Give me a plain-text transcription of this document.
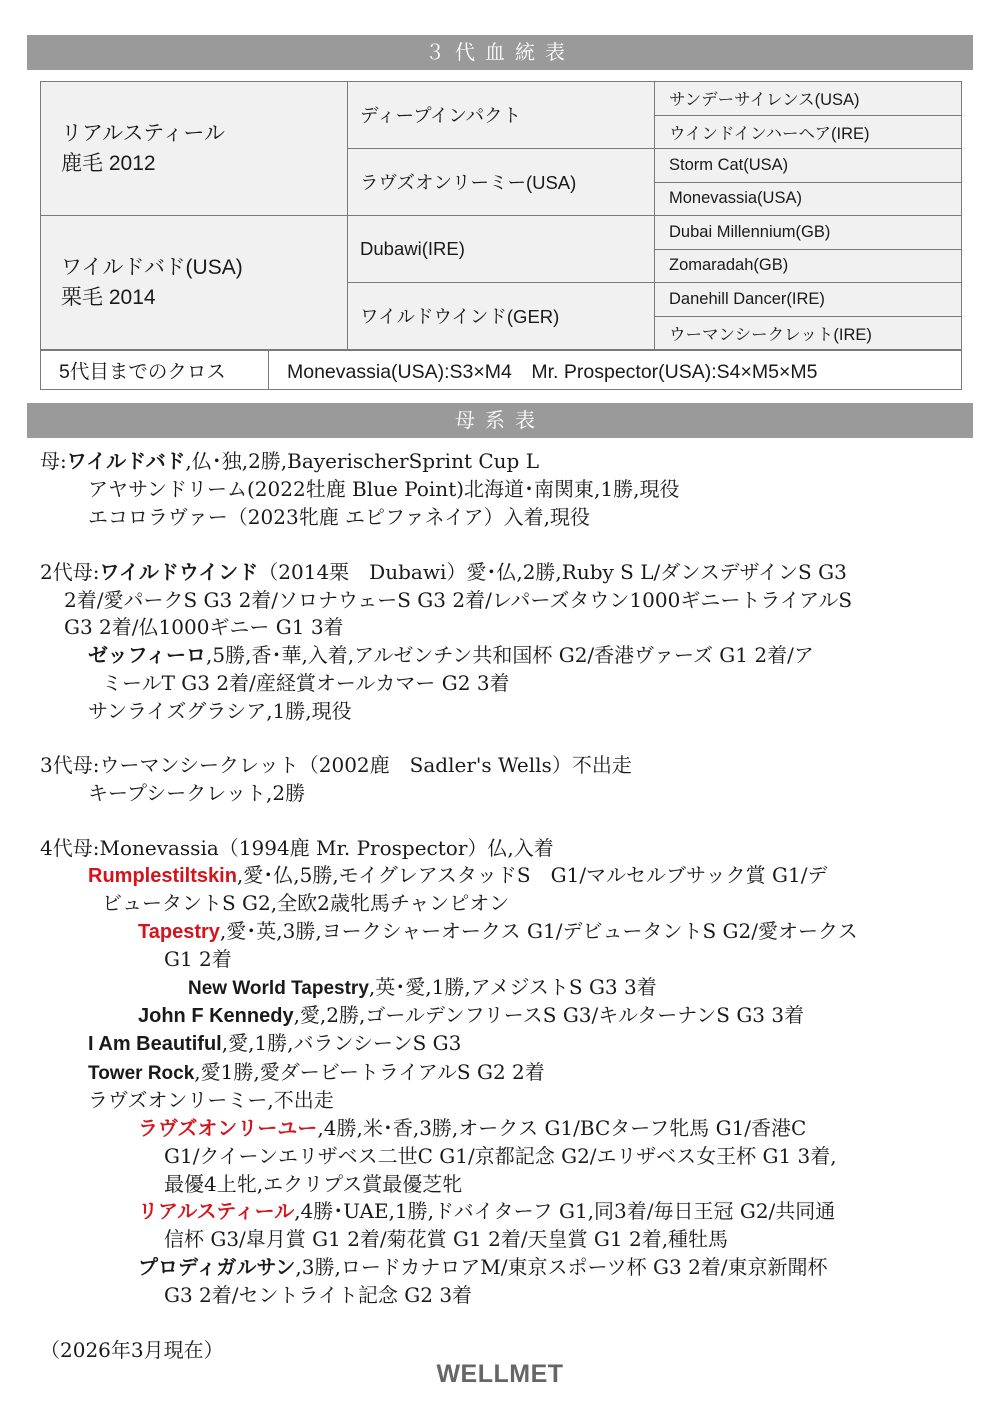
３代血統表
リアルスティール
鹿毛 2012	ディープインパクト	サンデーサイレンス(USA)
		ウインドインハーヘア(IRE)
	ラヴズオンリーミー(USA)	Storm Cat(USA)
		Monevassia(USA)

ワイルドバド(USA)
栗毛 2014	Dubawi(IRE)	Dubai Millennium(GB)
		Zomaradah(GB)
	ワイルドウインド(GER)	Danehill Dancer(IRE)
		ウーマンシークレット(IRE)
5代目までのクロス	Monevassia(USA):S3×M4　Mr. Prospector(USA):S4×M5×M5
母系表
母:ワイルドバド,仏･独,2勝,BayerischerSprint Cup L
アヤサンドリーム(2022牡鹿 Blue Point)北海道･南関東,1勝,現役
エコロラヴァー（2023牝鹿 エピファネイア）入着,現役
2代母:ワイルドウインド（2014栗　Dubawi）愛･仏,2勝,Ruby S L/ダンスデザインS G3
2着/愛パークS G3 2着/ソロナウェーS G3 2着/レパーズタウン1000ギニートライアルS
G3 2着/仏1000ギニー G1 3着
ゼッフィーロ,5勝,香･華,入着,アルゼンチン共和国杯 G2/香港ヴァーズ G1 2着/ア
ミールT G3 2着/産経賞オールカマー G2 3着
サンライズグラシア,1勝,現役
3代母:ウーマンシークレット（2002鹿　Sadler's Wells）不出走
キープシークレット,2勝
4代母:Monevassia（1994鹿 Mr. Prospector）仏,入着
Rumplestiltskin,愛･仏,5勝,モイグレアスタッドS　G1/マルセルブサック賞 G1/デ
ビュータントS G2,全欧2歳牝馬チャンピオン
Tapestry,愛･英,3勝,ヨークシャーオークス G1/デビュータントS G2/愛オークス
G1 2着
New World Tapestry,英･愛,1勝,アメジストS G3 3着
John F Kennedy,愛,2勝,ゴールデンフリースS G3/キルターナンS G3 3着
I Am Beautiful,愛,1勝,バランシーンS G3
Tower Rock,愛1勝,愛ダービートライアルS G2 2着
ラヴズオンリーミー,不出走
ラヴズオンリーユー,4勝,米･香,3勝,オークス G1/BCターフ牝馬 G1/香港C
G1/クイーンエリザベス二世C G1/京都記念 G2/エリザベス女王杯 G1 3着,
最優4上牝,エクリプス賞最優芝牝
リアルスティール,4勝･UAE,1勝,ドバイターフ G1,同3着/毎日王冠 G2/共同通
信杯 G3/皐月賞 G1 2着/菊花賞 G1 2着/天皇賞 G1 2着,種牡馬
プロディガルサン,3勝,ロードカナロアM/東京スポーツ杯 G3 2着/東京新聞杯
G3 2着/セントライト記念 G2 3着
（2026年3月現在）
WELLMET
